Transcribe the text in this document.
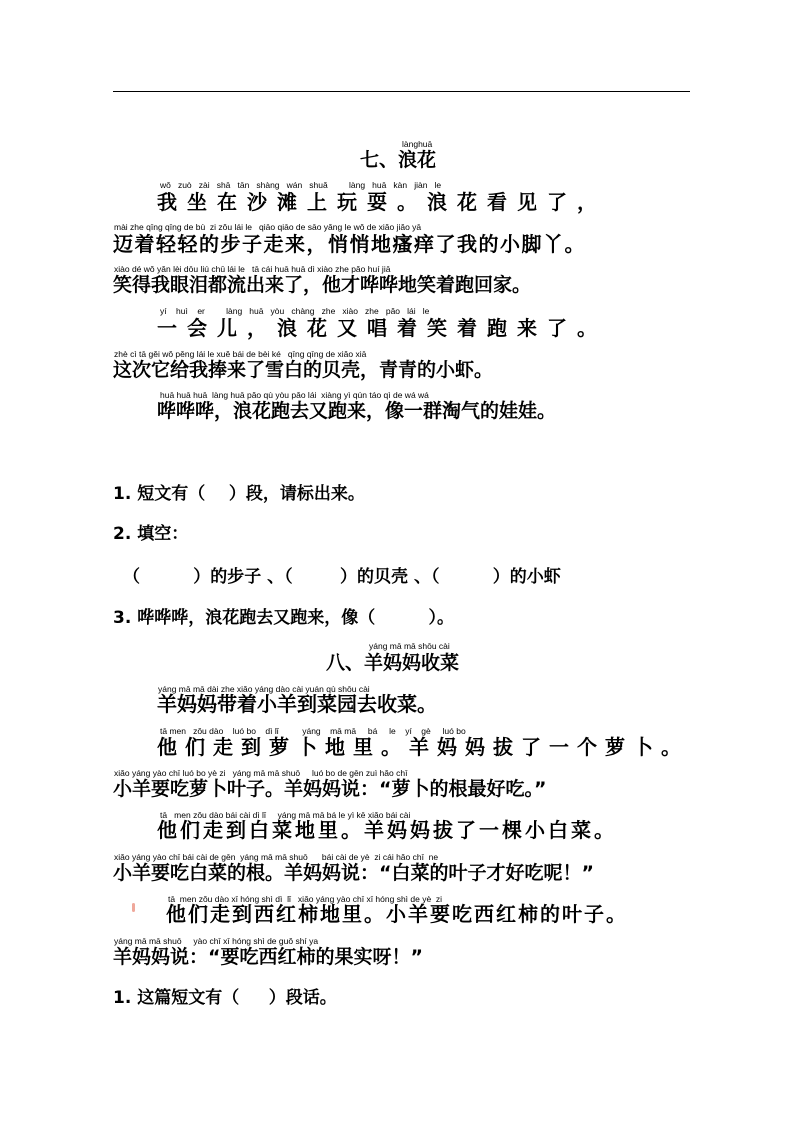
lànghuā
七、浪花
wǒ   zuò   zài   shā   tān   shàng   wán   shuǎ         làng   huā   kàn   jiàn   le
我坐在沙滩上玩耍。浪花看见了，
mài zhe qīng qīng de bù  zi zǒu lái le   qiāo qiāo de sāo yǎng le wǒ de xiǎo jiǎo yā
迈着轻轻的步子走来，悄悄地瘙痒了我的小脚丫。
xiào dé wǒ yǎn lèi dōu liú chū lái le   tā cái huā huā dì xiào zhe pǎo huí jiā
笑得我眼泪都流出来了，他才哗哗地笑着跑回家。
yí    huì    er         làng   huā   yòu   chàng   zhe   xiào   zhe   pǎo   lái   le
一会儿，浪花又唱着笑着跑来了。
zhè cì tā gěi wǒ pěng lái le xuě bái de bèi ké   qīng qīng de xiǎo xiā
这次它给我捧来了雪白的贝壳，青青的小虾。
huā huā huā  làng huā pǎo qù yòu pǎo lái  xiàng yì qún táo qì de wá wá
哗哗哗，浪花跑去又跑来，像一群淘气的娃娃。
1. 短文有（    ）段，请标出来。
2. 填空：
（         ）的步子 、（        ）的贝壳 、（         ）的小虾
3. 哗哗哗，浪花跑去又跑来，像（         ）。
yáng mā mā shōu cài
八、羊妈妈收菜
yáng mā mā dài zhe xiǎo yáng dào cài yuán qù shōu cài
羊妈妈带着小羊到菜园去收菜。
tā men   zǒu dào    luó bo    dì lǐ          yáng    mā mā     bá     le    yí    gè     luó bo
他们走到萝卜地里。羊妈妈拔了一个萝卜。
xiǎo yáng yào chī luó bo yè zi   yáng mā mā shuō     luó bo de gēn zuì hǎo chī
小羊要吃萝卜叶子。羊妈妈说：“萝卜的根最好吃。”
tā   men zǒu dào bái cài dì lǐ     yáng mā mā bá le yì kē xiǎo bái cài
他们走到白菜地里。羊妈妈拔了一棵小白菜。
xiǎo yáng yào chī bái cài de gēn  yáng mā mā shuō      bái cài de yè  zi cái hǎo chī  ne
小羊要吃白菜的根。羊妈妈说：“白菜的叶子才好吃呢！”
tā  men zǒu dào xī hóng shì dì  lǐ   xiǎo yáng yào chī xī hóng shì de yè  zi
他们走到西红柿地里。小羊要吃西红柿的叶子。
yáng mā mā shuō     yào chī xī hóng shì de guǒ shí ya
羊妈妈说：“要吃西红柿的果实呀！”
1. 这篇短文有（     ）段话。
